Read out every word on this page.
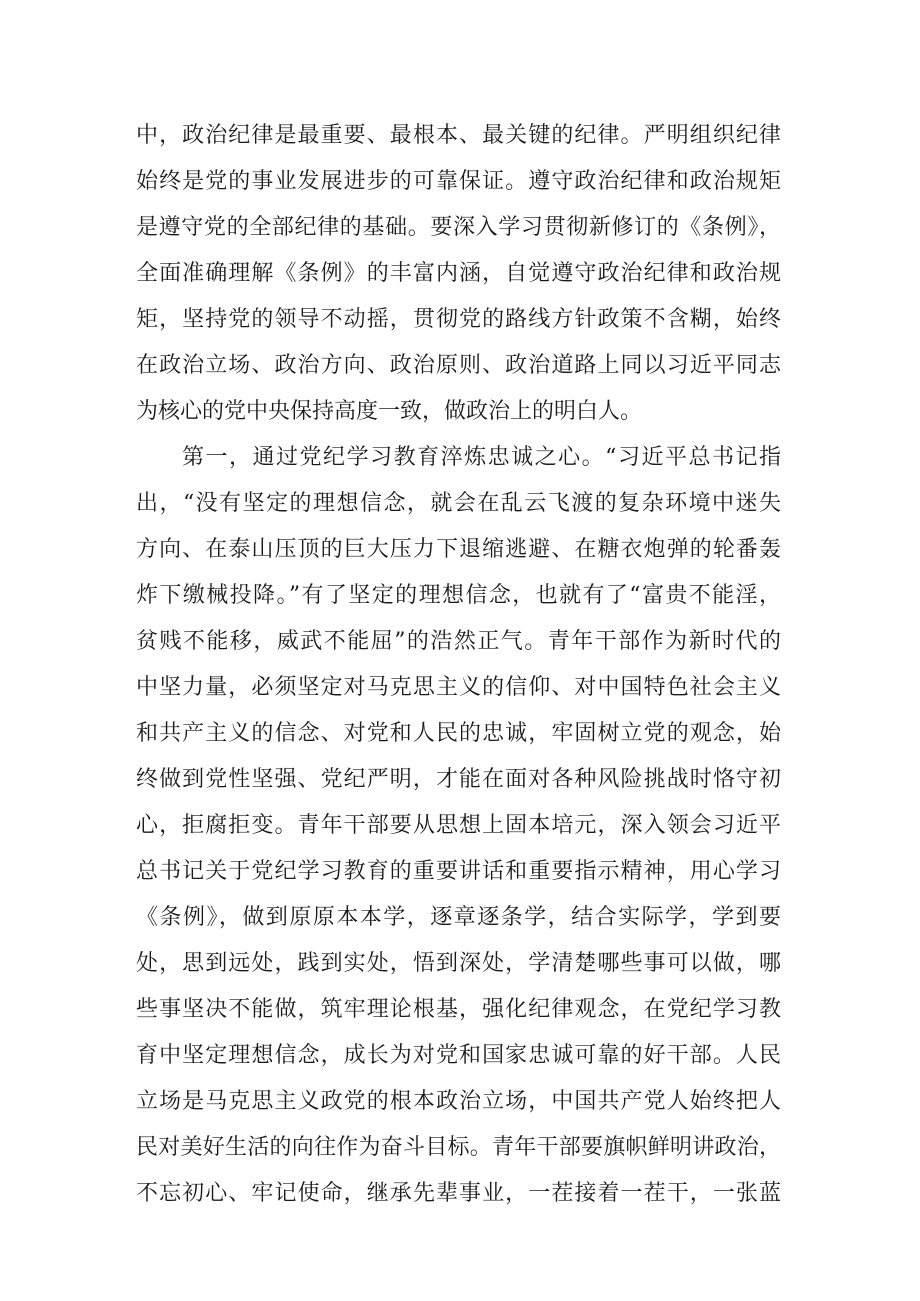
中，政治纪律是最重要、最根本、最关键的纪律。严明组织纪律
始终是党的事业发展进步的可靠保证。遵守政治纪律和政治规矩
是遵守党的全部纪律的基础。要深入学习贯彻新修订的《条例》，
全面准确理解《条例》的丰富内涵，自觉遵守政治纪律和政治规
矩，坚持党的领导不动摇，贯彻党的路线方针政策不含糊，始终
在政治立场、政治方向、政治原则、政治道路上同以习近平同志
为核心的党中央保持高度一致，做政治上的明白人。
第一，通过党纪学习教育淬炼忠诚之心。“习近平总书记指
出，“没有坚定的理想信念，就会在乱云飞渡的复杂环境中迷失
方向、在泰山压顶的巨大压力下退缩逃避、在糖衣炮弹的轮番轰
炸下缴械投降。”有了坚定的理想信念，也就有了“富贵不能淫，
贫贱不能移，威武不能屈”的浩然正气。青年干部作为新时代的
中坚力量，必须坚定对马克思主义的信仰、对中国特色社会主义
和共产主义的信念、对党和人民的忠诚，牢固树立党的观念，始
终做到党性坚强、党纪严明，才能在面对各种风险挑战时恪守初
心，拒腐拒变。青年干部要从思想上固本培元，深入领会习近平
总书记关于党纪学习教育的重要讲话和重要指示精神，用心学习
《条例》，做到原原本本学，逐章逐条学，结合实际学，学到要
处，思到远处，践到实处，悟到深处，学清楚哪些事可以做，哪
些事坚决不能做，筑牢理论根基，强化纪律观念，在党纪学习教
育中坚定理想信念，成长为对党和国家忠诚可靠的好干部。人民
立场是马克思主义政党的根本政治立场，中国共产党人始终把人
民对美好生活的向往作为奋斗目标。青年干部要旗帜鲜明讲政治，
不忘初心、牢记使命，继承先辈事业，一茬接着一茬干，一张蓝
